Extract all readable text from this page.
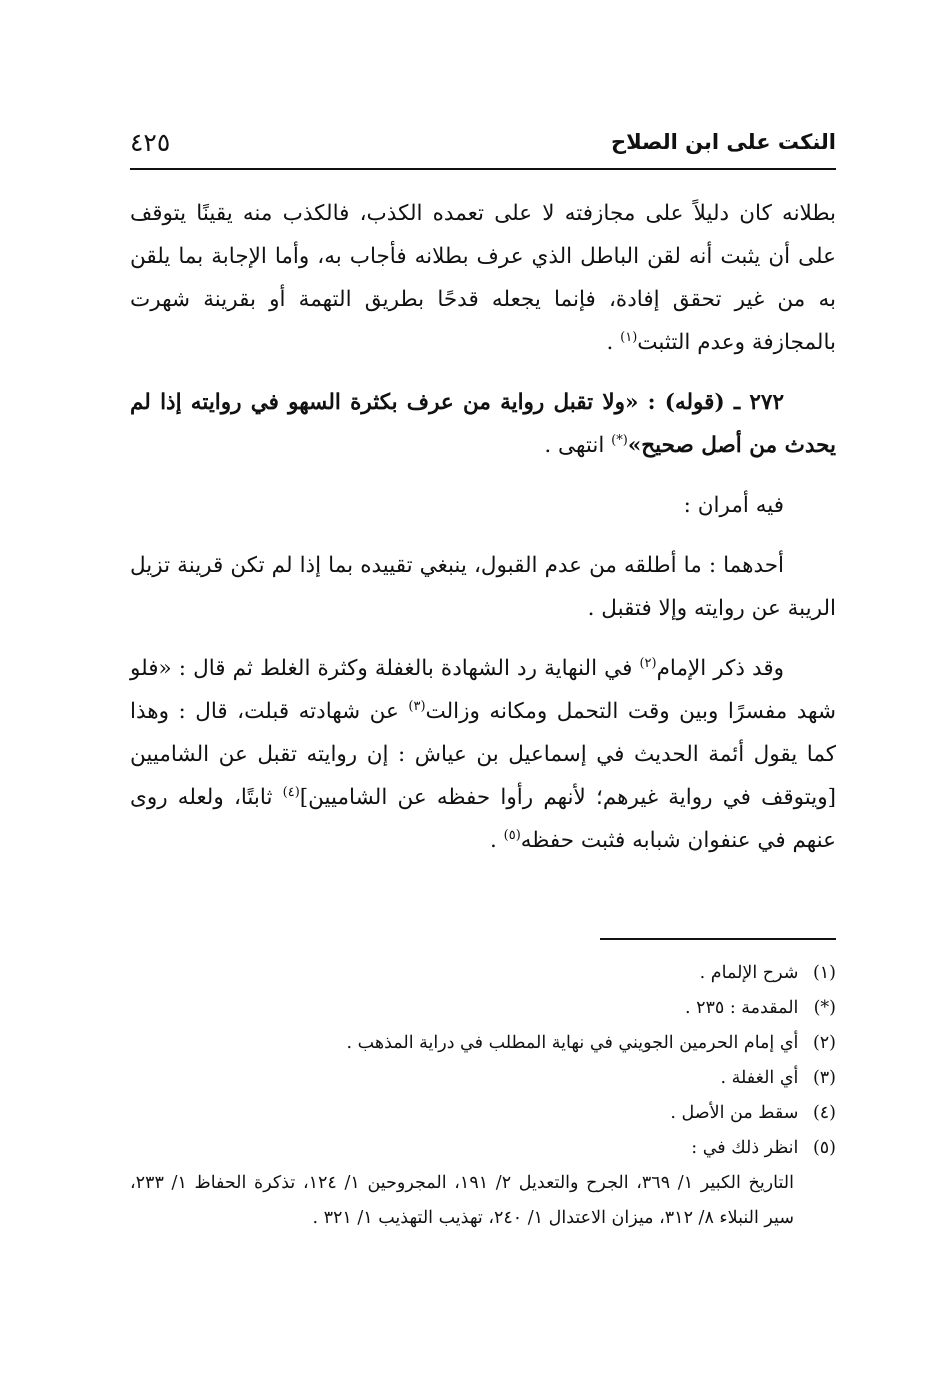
النكت على ابن الصلاح
٤٢٥

بطلانه كان دليلاً على مجازفته لا على تعمده الكذب، فالكذب منه يقينًا يتوقف على أن يثبت أنه لقن الباطل الذي عرف بطلانه فأجاب به، وأما الإجابة بما يلقن به من غير تحقق إفادة، فإنما يجعله قدحًا بطريق التهمة أو بقرينة شهرت بالمجازفة وعدم التثبت$^{(١)}$ .

٢٧٢ ـ (قوله) : «ولا تقبل رواية من عرف بكثرة السهو في روايته إذا لم يحدث من أصل صحيح»(*) انتهى .

فيه أمران :

أحدهما : ما أطلقه من عدم القبول، ينبغي تقييده بما إذا لم تكن قرينة تزيل الريبة عن روايته وإلا فتقبل .

وقد ذكر الإمام$^{(٢)}$ في النهاية رد الشهادة بالغفلة وكثرة الغلط ثم قال : «فلو شهد مفسرًا وبين وقت التحمل ومكانه وزالت$^{(٣)}$ عن شهادته قبلت، قال : وهذا كما يقول أئمة الحديث في إسماعيل بن عياش : إن روايته تقبل عن الشاميين [ويتوقف في رواية غيرهم؛ لأنهم رأوا حفظه عن الشاميين]$^{(٤)}$ ثابتًا، ولعله روى عنهم في عنفوان شبابه فثبت حفظه$^{(٥)}$ .

(١) شرح الإلمام .

(*) المقدمة : ٢٣٥ .

(٢) أي إمام الحرمين الجويني في نهاية المطلب في دراية المذهب .

(٣) أي الغفلة .

(٤) سقط من الأصل .

(٥) انظر ذلك في :

التاريخ الكبير ١/ ٣٦٩، الجرح والتعديل ٢/ ١٩١، المجروحين ١/ ١٢٤، تذكرة الحفاظ ١/ ٢٣٣، سير النبلاء ٨/ ٣١٢، ميزان الاعتدال ١/ ٢٤٠، تهذيب التهذيب ١/ ٣٢١ .
